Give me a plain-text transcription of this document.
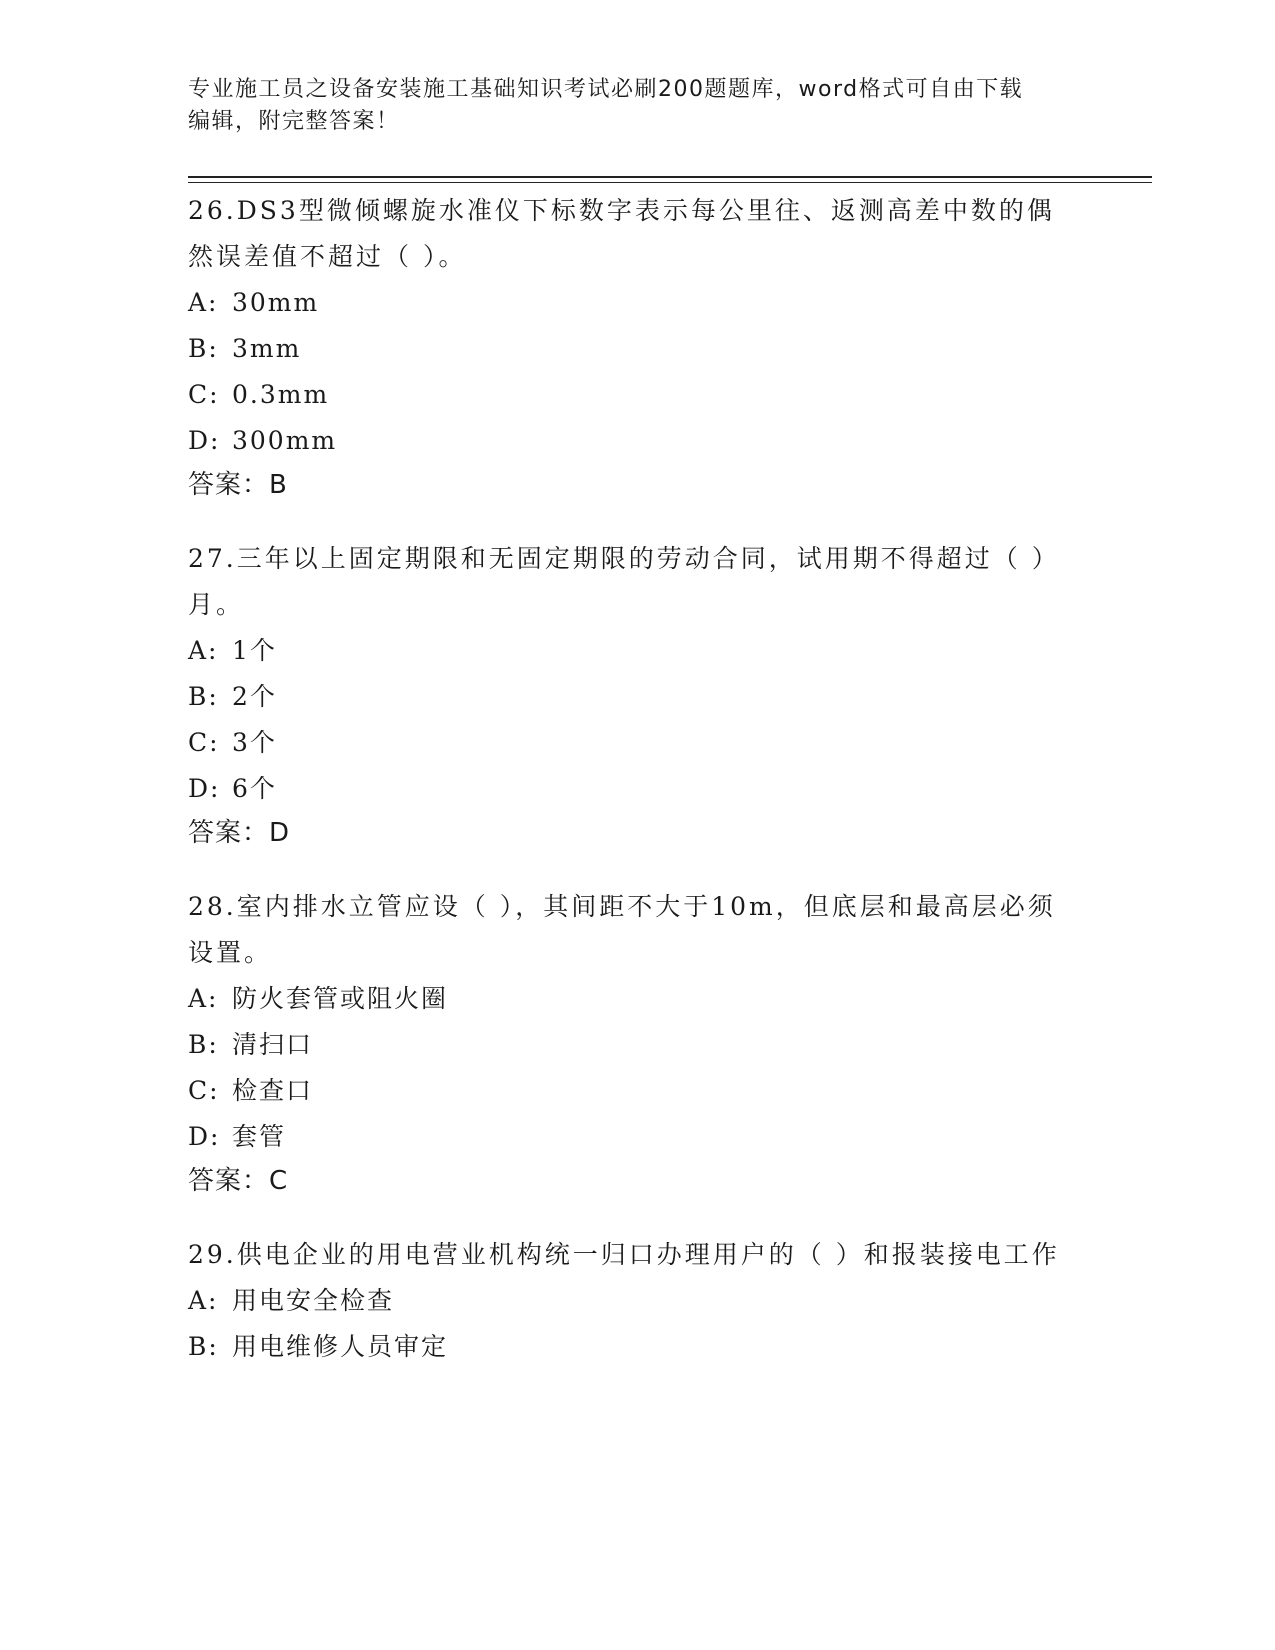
专业施工员之设备安装施工基础知识考试必刷200题题库，word格式可自由下载
编辑，附完整答案！

26.DS3型微倾螺旋水准仪下标数字表示每公里往、返测高差中数的偶然误差值不超过（ ）。

A: 30mm
B: 3mm
C: 0.3mm
D: 300mm
答案：B

27.三年以上固定期限和无固定期限的劳动合同，试用期不得超过（ ）月。

A: 1个
B: 2个
C: 3个
D: 6个
答案：D

28.室内排水立管应设（ ），其间距不大于10m，但底层和最高层必须设置。

A: 防火套管或阻火圈
B: 清扫口
C: 检查口
D: 套管
答案：C

29.供电企业的用电营业机构统一归口办理用户的（ ）和报装接电工作

A: 用电安全检查
B: 用电维修人员审定
